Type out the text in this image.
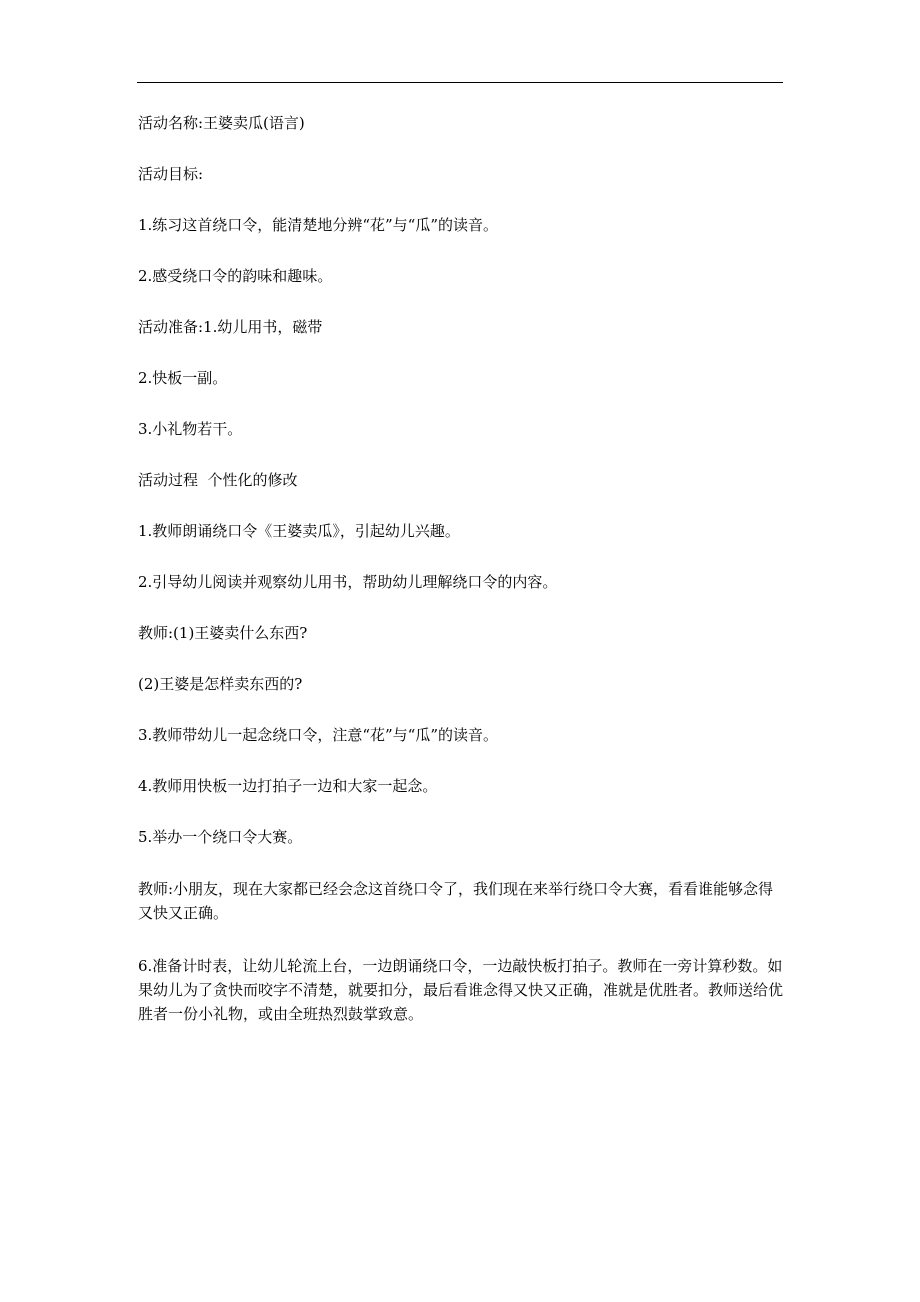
活动名称:王婆卖瓜(语言)

活动目标:

1.练习这首绕口令，能清楚地分辨“花”与“瓜”的读音。

2.感受绕口令的韵味和趣味。

活动准备:1.幼儿用书，磁带

2.快板一副。

3.小礼物若干。

活动过程  个性化的修改

1.教师朗诵绕口令《王婆卖瓜》，引起幼儿兴趣。

2.引导幼儿阅读并观察幼儿用书，帮助幼儿理解绕口令的内容。

教师:(1)王婆卖什么东西?

(2)王婆是怎样卖东西的?

3.教师带幼儿一起念绕口令，注意“花”与“瓜”的读音。

4.教师用快板一边打拍子一边和大家一起念。

5.举办一个绕口令大赛。

教师:小朋友，现在大家都已经会念这首绕口令了，我们现在来举行绕口令大赛，看看谁能够念得又快又正确。

6.准备计时表，让幼儿轮流上台，一边朗诵绕口令，一边敲快板打拍子。教师在一旁计算秒数。如果幼儿为了贪快而咬字不清楚，就要扣分，最后看谁念得又快又正确，准就是优胜者。教师送给优胜者一份小礼物，或由全班热烈鼓掌致意。
